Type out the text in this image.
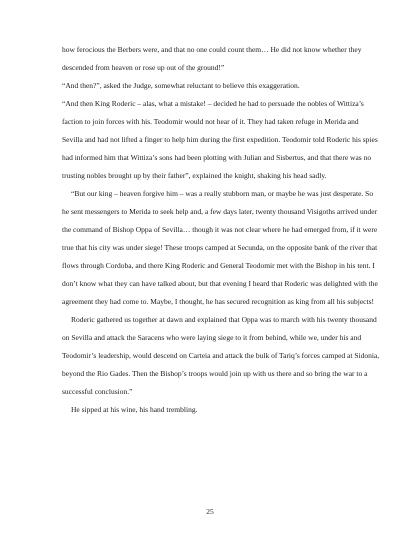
how ferocious the Berbers were, and that no one could count them… He did not know whether they descended from heaven or rose up out of the ground!”

“And then?”, asked the Judge, somewhat reluctant to believe this exaggeration.

“And then King Roderic – alas, what a mistake! – decided he had to persuade the nobles of Wittiza’s faction to join forces with his. Teodomir would not hear of it. They had taken refuge in Merida and Sevilla and had not lifted a finger to help him during the first expedition. Teodomir told Roderic his spies had informed him that Wittiza’s sons had been plotting with Julian and Sisbertus, and that there was no trusting nobles brought up by their father”, explained the knight, shaking his head sadly.

“But our king – heaven forgive him – was a really stubborn man, or maybe he was just desperate. So he sent messengers to Merida to seek help and, a few days later, twenty thousand Visigoths arrived under the command of Bishop Oppa of Sevilla… though it was not clear where he had emerged from, if it were true that his city was under siege! These troops camped at Secunda, on the opposite bank of the river that flows through Cordoba, and there King Roderic and General Teodomir met with the Bishop in his tent. I don’t know what they can have talked about, but that evening I heard that Roderic was delighted with the agreement they had come to. Maybe, I thought, he has secured recognition as king from all his subjects!

Roderic gathered us together at dawn and explained that Oppa was to march with his twenty thousand on Sevilla and attack the Saracens who were laying siege to it from behind, while we, under his and Teodomir’s leadership, would descend on Carteia and attack the bulk of Tariq’s forces camped at Sidonia, beyond the Rio Gades. Then the Bishop’s troops would join up with us there and so bring the war to a successful conclusion.”

He sipped at his wine, his hand trembling.

25
